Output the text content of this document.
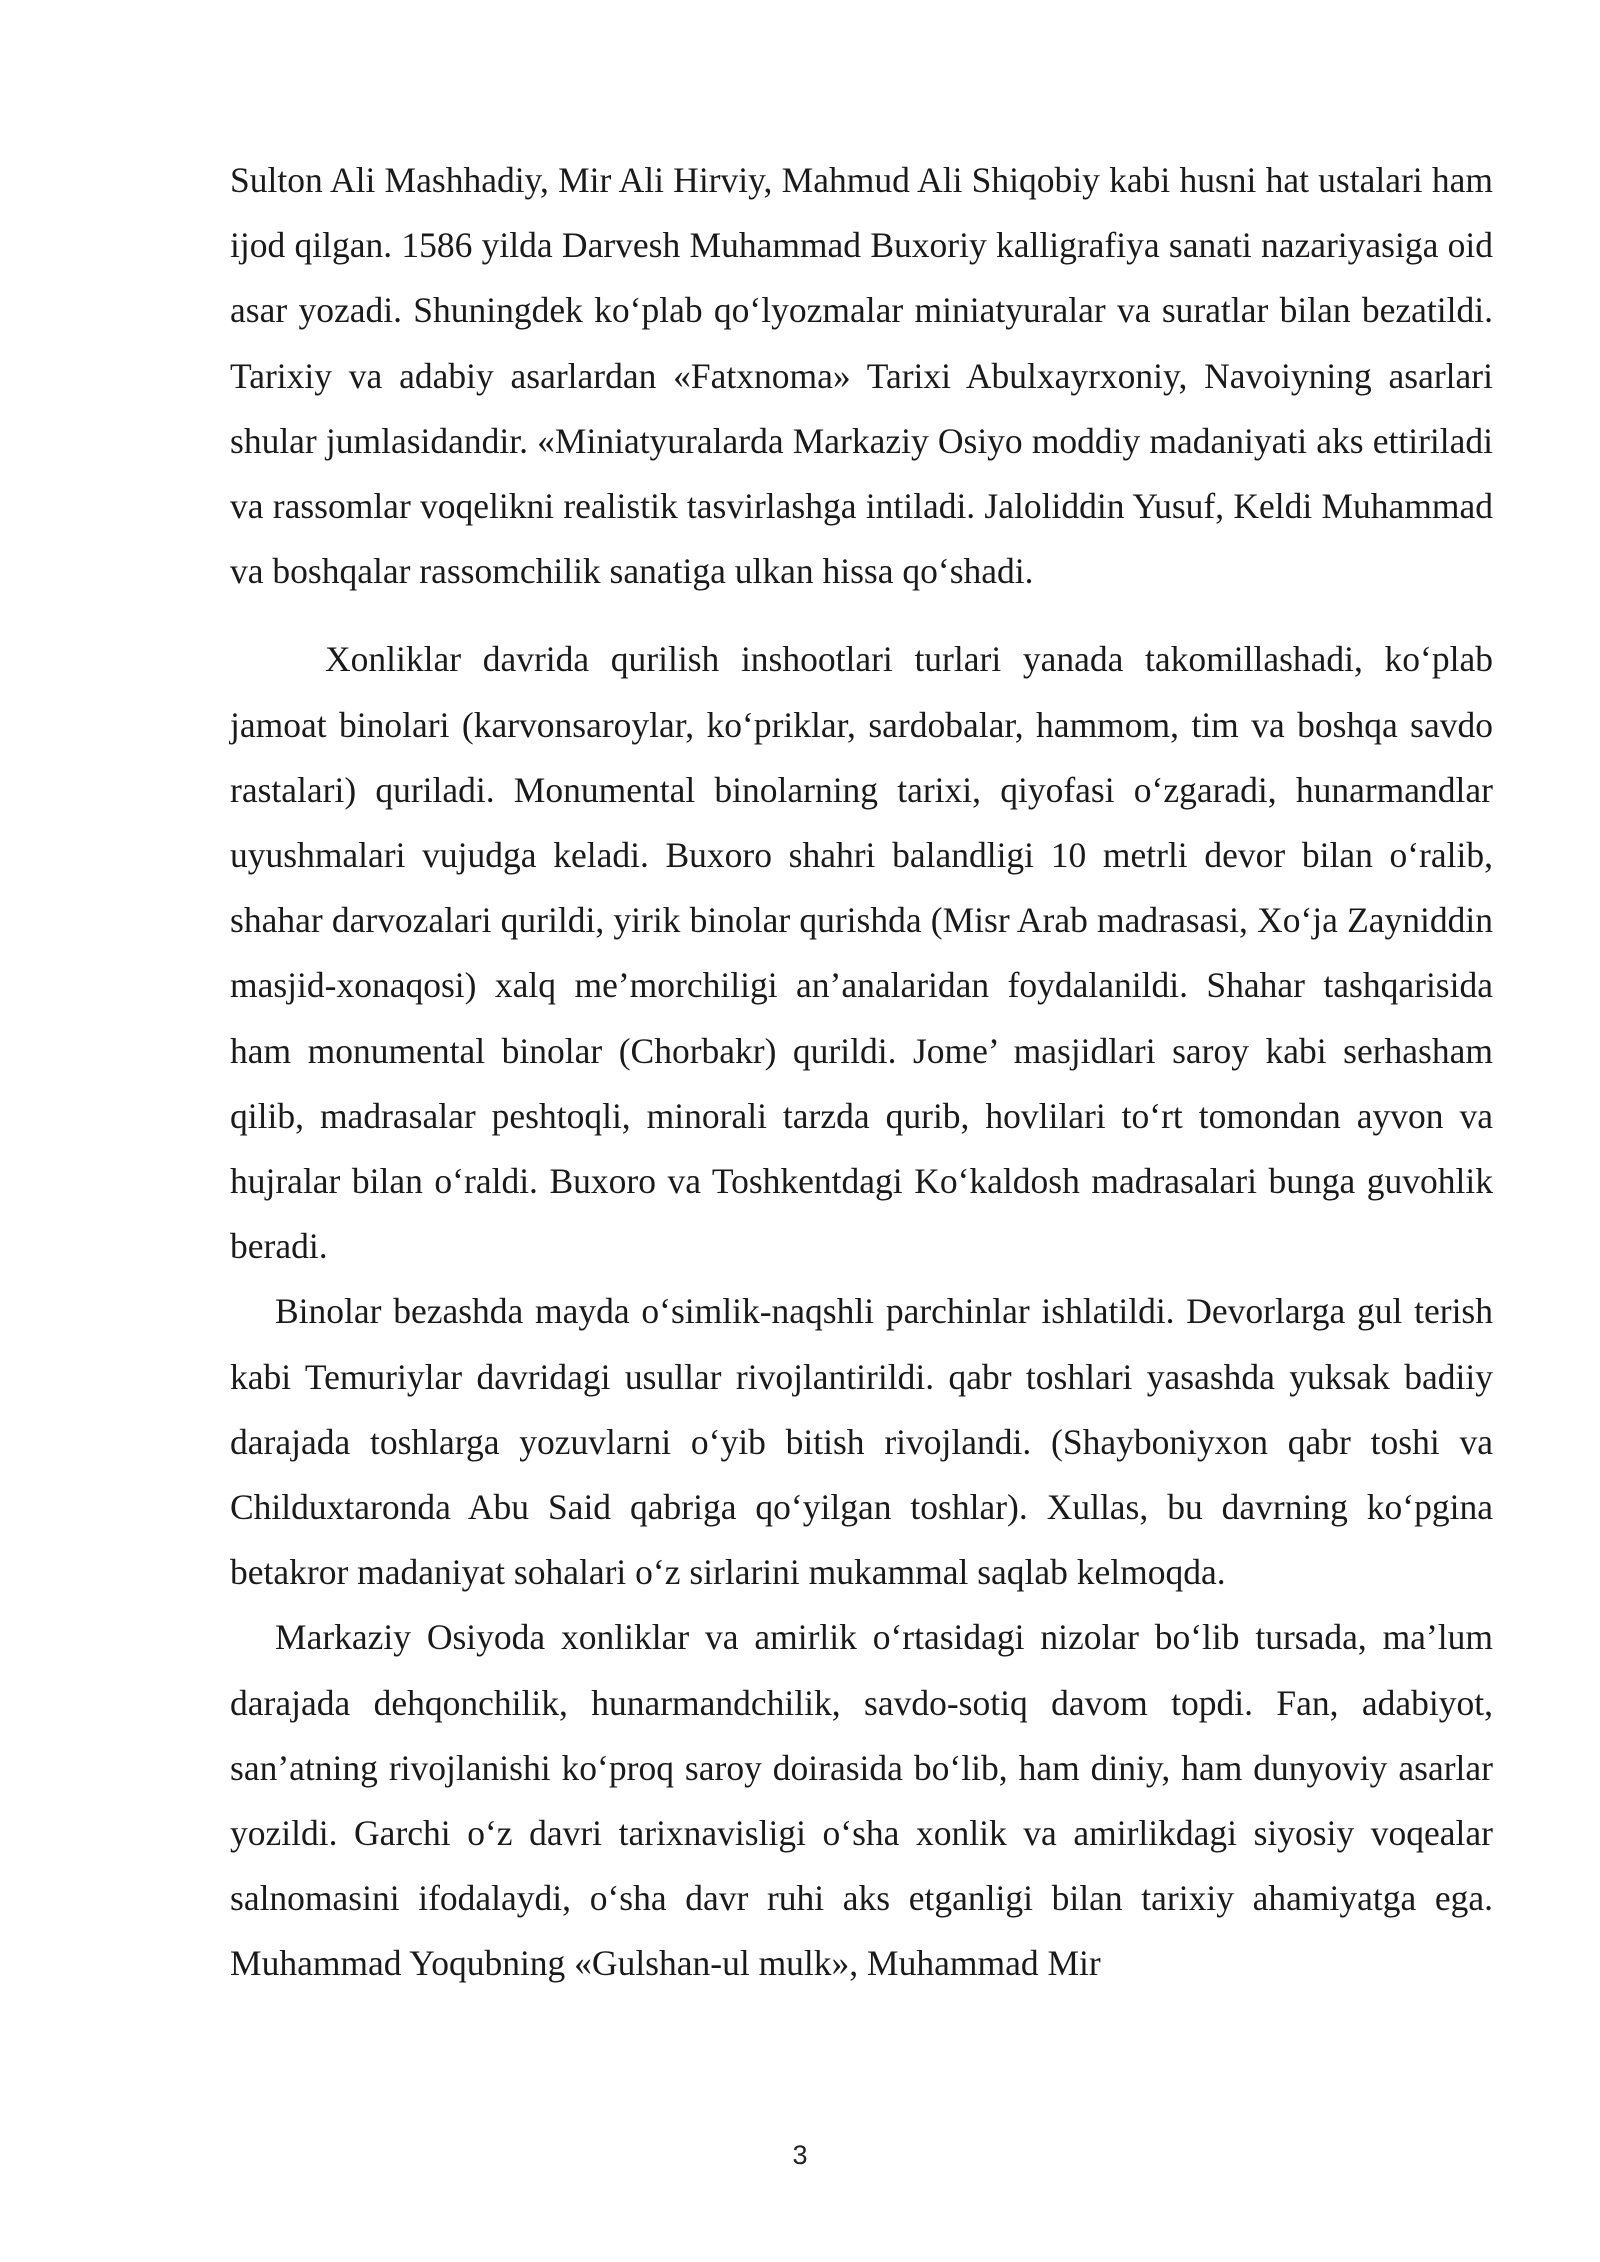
Sulton Ali Mashhadiy, Mir Ali Hirviy, Mahmud Ali Shiqobiy kabi husni hat ustalari ham ijod qilgan. 1586 yilda Darvesh Muhammad Buxoriy kalligrafiya sanati nazariyasiga oid asar yozadi. Shuningdek koʻplab qoʻlyozmalar miniatyuralar va suratlar bilan bezatildi. Tarixiy va adabiy asarlardan «Fatxnoma» Tarixi Abulxayrxoniy, Navoiyning asarlari shular jumlasidandir. «Miniatyuralarda Markaziy Osiyo moddiy madaniyati aks ettiriladi va rassomlar voqelikni realistik tasvirlashga intiladi. Jaloliddin Yusuf, Keldi Muhammad va boshqalar rassomchilik sanatiga ulkan hissa qoʻshadi.

Xonliklar davrida qurilish inshootlari turlari yanada takomillashadi, koʻplab jamoat binolari (karvonsaroylar, koʻpriklar, sardobalar, hammom, tim va boshqa savdo rastalari) quriladi. Monumental binolarning tarixi, qiyofasi oʻzgaradi, hunarmandlar uyushmalari vujudga keladi. Buxoro shahri balandligi 10 metrli devor bilan oʻralib, shahar darvozalari qurildi, yirik binolar qurishda (Misr Arab madrasasi, Xoʻja Zayniddin masjid-xonaqosi) xalq me’morchiligi an’analaridan foydalanildi. Shahar tashqarisida ham monumental binolar (Chorbakr) qurildi. Jome’ masjidlari saroy kabi serhasham qilib, madrasalar peshtoqli, minorali tarzda qurib, hovlilari toʻrt tomondan ayvon va hujralar bilan oʻraldi. Buxoro va Toshkentdagi Koʻkaldosh madrasalari bunga guvohlik beradi.

Binolar bezashda mayda oʻsimlik-naqshli parchinlar ishlatildi. Devorlarga gul terish kabi Temuriylar davridagi usullar rivojlantirildi. qabr toshlari yasashda yuksak badiiy darajada toshlarga yozuvlarni oʻyib bitish rivojlandi. (Shayboniyxon qabr toshi va Childuxtaronda Abu Said qabriga qoʻyilgan toshlar). Xullas, bu davrning koʻpgina betakror madaniyat sohalari oʻz sirlarini mukammal saqlab kelmoqda.

Markaziy Osiyoda xonliklar va amirlik oʻrtasidagi nizolar boʻlib tursada, ma’lum darajada dehqonchilik, hunarmandchilik, savdo-sotiq davom topdi. Fan, adabiyot, san’atning rivojlanishi koʻproq saroy doirasida boʻlib, ham diniy, ham dunyoviy asarlar yozildi. Garchi oʻz davri tarixnavisligi oʻsha xonlik va amirlikdagi siyosiy voqealar salnomasini ifodalaydi, oʻsha davr ruhi aks etganligi bilan tarixiy ahamiyatga ega. Muhammad Yoqubning «Gulshan-ul mulk», Muhammad Mir

3
